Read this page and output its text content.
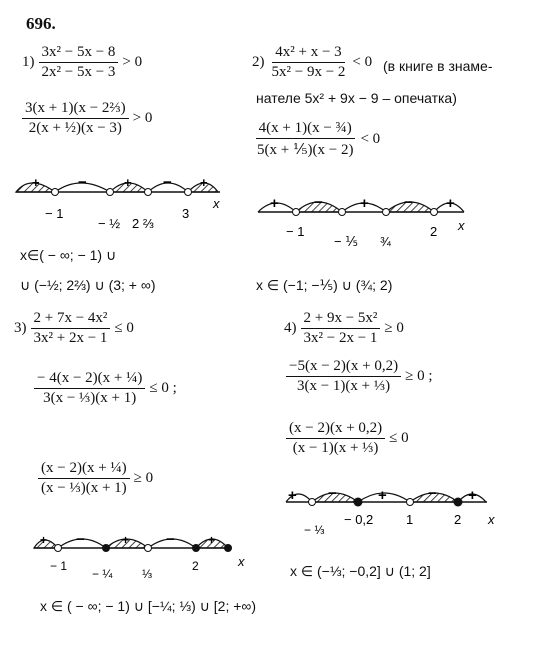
696.
$1) \frac{\text{3x² − 5x − 8}}{\text{2x² − 5x − 3}} > 0$
$\frac{\text{3(x + 1)(x − 2⅔)}}{\text{2(x + ½)(x − 3)}} > 0$
+	−	+ − +
x
− 1
− ½ 2 ⅔
3
x∈( − ∞; − 1) ∪
∪ (−½; 2⅔) ∪ (3; + ∞)
$2) \frac{\text{4x² + x − 3}}{\text{5x² − 9x − 2}} < 0$ (в книге в знаме-
нателе 5x² + 9x − 9 – опечатка)
$\frac{\text{4(x + 1)(x − ¾)}}{\text{5(x + ⅕)(x − 2)}} < 0$
+ − + − +
x
− 1
− ⅕ ¾
2
x ∈ (−1; −⅕) ∪ (¾; 2)
$3) \frac{\text{2 + 7x − 4x²}}{\text{3x² + 2x − 1}} \le 0$
$\frac{\text{− 4(x − 2)(x + ¼)}}{\text{3(x − ⅓)(x + 1)}} \le 0$ ;
$\frac{\text{(x − 2)(x + ¼)}}{\text{(x − ⅓)(x + 1)}} \ge 0$
+ −	+ −	+
− 1
− ¼ ⅓
2	x
x ∈ ( − ∞; − 1) ∪ [−¼; ⅓) ∪ [2; +∞)
$4) \frac{\text{2 + 9x − 5x²}}{\text{3x² − 2x − 1}} \ge 0$
$\frac{-5(x - 2)(x + 0,2)}{\text{3(x − 1)(x + ⅓)}} \ge 0$ ;
$\frac{(x - 2)(x + 0,2)}{\text{(x − 1)(x + ⅓)}} \le 0$
+ −	+	− +
− ⅓
− 0,2	1	2 x
x ∈ (−⅓; −0,2] ∪ (1; 2]
